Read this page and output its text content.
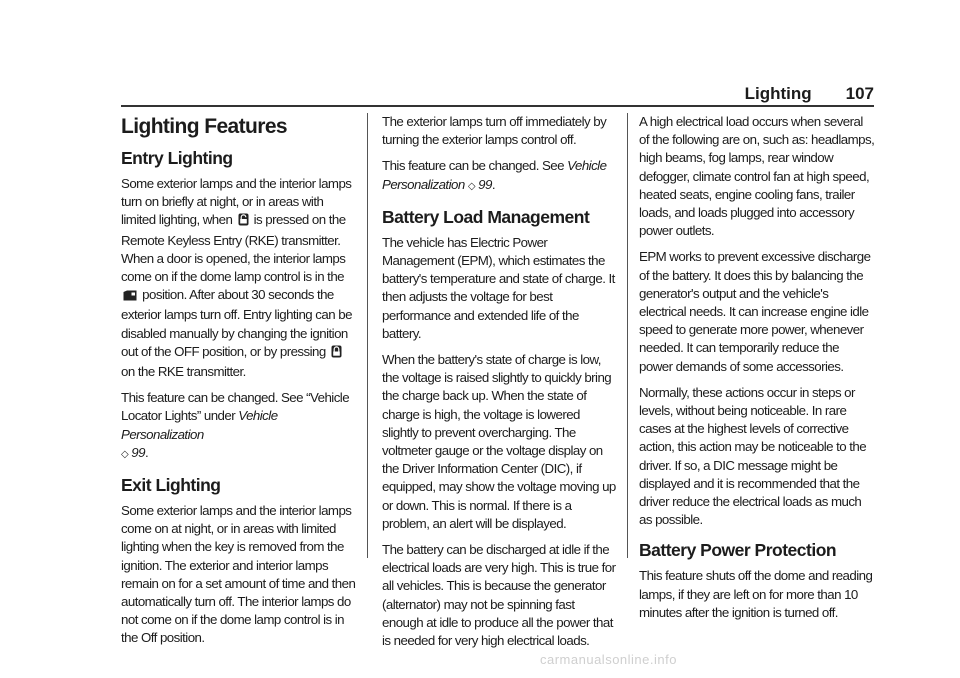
Lighting 107
Lighting Features
Entry Lighting

Some exterior lamps and the interior lamps turn on briefly at night, or in areas with limited lighting, when is pressed on the Remote Keyless Entry (RKE) transmitter. When a door is opened, the interior lamps come on if the dome lamp control is in the  position. After about 30 seconds the exterior lamps turn off. Entry lighting can be disabled manually by changing the ignition out of the OFF position, or by pressing  on the RKE transmitter.

This feature can be changed. See “Vehicle Locator Lights” under Vehicle Personalization
◇ 99.

Exit Lighting

Some exterior lamps and the interior lamps come on at night, or in areas with limited lighting when the key is removed from the ignition. The exterior and interior lamps remain on for a set amount of time and then automatically turn off. The interior lamps do not come on if the dome lamp control is in the Off position.

The exterior lamps turn off immediately by turning the exterior lamps control off.

This feature can be changed. See Vehicle Personalization ◇ 99.

Battery Load Management

The vehicle has Electric Power Management (EPM), which estimates the battery's temperature and state of charge. It then adjusts the voltage for best performance and extended life of the battery.

When the battery's state of charge is low, the voltage is raised slightly to quickly bring the charge back up. When the state of charge is high, the voltage is lowered slightly to prevent overcharging. The voltmeter gauge or the voltage display on the Driver Information Center (DIC), if equipped, may show the voltage moving up or down. This is normal. If there is a problem, an alert will be displayed.

The battery can be discharged at idle if the electrical loads are very high. This is true for all vehicles. This is because the generator (alternator) may not be spinning fast enough at idle to produce all the power that is needed for very high electrical loads.

A high electrical load occurs when several of the following are on, such as: headlamps, high beams, fog lamps, rear window defogger, climate control fan at high speed, heated seats, engine cooling fans, trailer loads, and loads plugged into accessory power outlets.

EPM works to prevent excessive discharge of the battery. It does this by balancing the generator's output and the vehicle's electrical needs. It can increase engine idle speed to generate more power, whenever needed. It can temporarily reduce the power demands of some accessories.

Normally, these actions occur in steps or levels, without being noticeable. In rare cases at the highest levels of corrective action, this action may be noticeable to the driver. If so, a DIC message might be displayed and it is recommended that the driver reduce the electrical loads as much as possible.

Battery Power Protection

This feature shuts off the dome and reading lamps, if they are left on for more than 10 minutes after the ignition is turned off.

carmanualsonline.info
